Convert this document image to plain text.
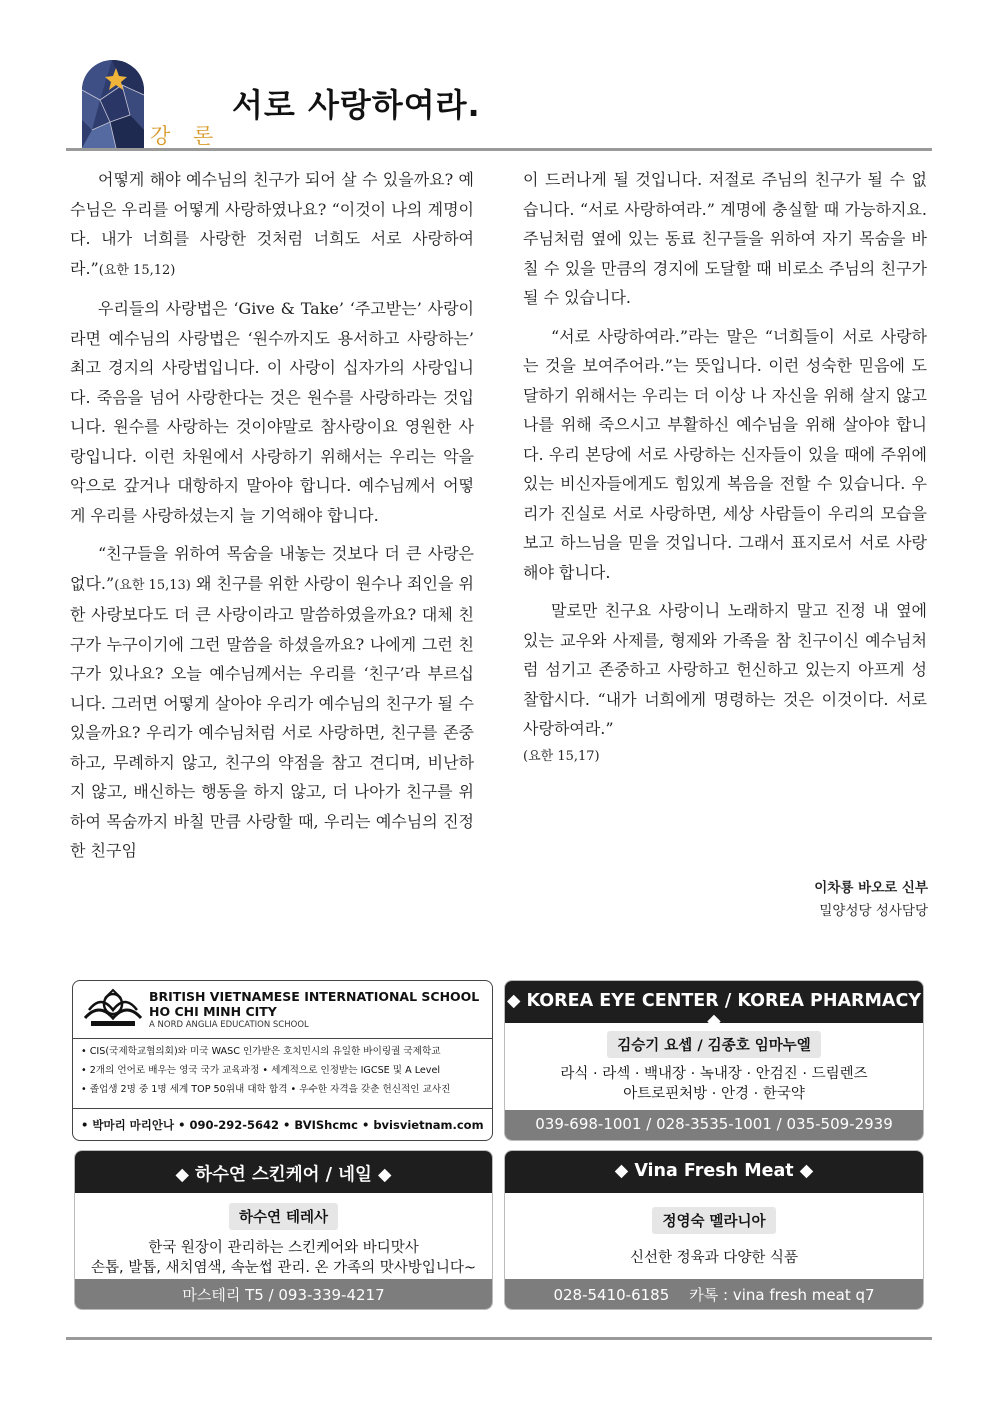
강 론
서로 사랑하여라.

어떻게 해야 예수님의 친구가 되어 살 수 있을까요? 예수님은 우리를 어떻게 사랑하였나요? “이것이 나의 계명이다. 내가 너희를 사랑한 것처럼 너희도 서로 사랑하여라.”(요한 15,12)

우리들의 사랑법은 ‘Give & Take’ ‘주고받는’ 사랑이라면 예수님의 사랑법은 ‘원수까지도 용서하고 사랑하는’ 최고 경지의 사랑법입니다. 이 사랑이 십자가의 사랑입니다. 죽음을 넘어 사랑한다는 것은 원수를 사랑하라는 것입니다. 원수를 사랑하는 것이야말로 참사랑이요 영원한 사랑입니다. 이런 차원에서 사랑하기 위해서는 우리는 악을 악으로 갚거나 대항하지 말아야 합니다. 예수님께서 어떻게 우리를 사랑하셨는지 늘 기억해야 합니다.

“친구들을 위하여 목숨을 내놓는 것보다 더 큰 사랑은 없다.”(요한 15,13) 왜 친구를 위한 사랑이 원수나 죄인을 위한 사랑보다도 더 큰 사랑이라고 말씀하였을까요? 대체 친구가 누구이기에 그런 말씀을 하셨을까요? 나에게 그런 친구가 있나요? 오늘 예수님께서는 우리를 ‘친구’라 부르십니다. 그러면 어떻게 살아야 우리가 예수님의 친구가 될 수 있을까요? 우리가 예수님처럼 서로 사랑하면, 친구를 존중하고, 무례하지 않고, 친구의 약점을 참고 견디며, 비난하지 않고, 배신하는 행동을 하지 않고, 더 나아가 친구를 위하여 목숨까지 바칠 만큼 사랑할 때, 우리는 예수님의 진정한 친구임

이 드러나게 될 것입니다. 저절로 주님의 친구가 될 수 없습니다. “서로 사랑하여라.” 계명에 충실할 때 가능하지요. 주님처럼 옆에 있는 동료 친구들을 위하여 자기 목숨을 바칠 수 있을 만큼의 경지에 도달할 때 비로소 주님의 친구가 될 수 있습니다.

“서로 사랑하여라.”라는 말은 “너희들이 서로 사랑하는 것을 보여주어라.”는 뜻입니다. 이런 성숙한 믿음에 도달하기 위해서는 우리는 더 이상 나 자신을 위해 살지 않고 나를 위해 죽으시고 부활하신 예수님을 위해 살아야 합니다. 우리 본당에 서로 사랑하는 신자들이 있을 때에 주위에 있는 비신자들에게도 힘있게 복음을 전할 수 있습니다. 우리가 진실로 서로 사랑하면, 세상 사람들이 우리의 모습을 보고 하느님을 믿을 것입니다. 그래서 표지로서 서로 사랑해야 합니다.

말로만 친구요 사랑이니 노래하지 말고 진정 내 옆에 있는 교우와 사제를, 형제와 가족을 참 친구이신 예수님처럼 섬기고 존중하고 사랑하고 헌신하고 있는지 아프게 성찰합시다. “내가 너희에게 명령하는 것은 이것이다. 서로 사랑하여라.”

(요한 15,17)
이차룡 바오로 신부
밀양성당 성사담당
BRITISH VIETNAMESE INTERNATIONAL SCHOOL
HO CHI MINH CITY
A NORD ANGLIA EDUCATION SCHOOL
• CIS(국제학교협의회)와 미국 WASC 인가받은 호치민시의 유일한 바이링궐 국제학교
• 2개의 언어로 배우는 영국 국가 교육과정 • 세계적으로 인정받는 IGCSE 및 A Level
• 졸업생 2명 중 1명 세계 TOP 50위내 대학 합격 • 우수한 자격을 갖춘 헌신적인 교사진
• 박마리 마리안나 • 090-292-5642 • BVIShcmc • bvisvietnam.com
◆ KOREA EYE CENTER / KOREA PHARMACY ◆
김승기 요셉 / 김종호 임마누엘
라식 · 라섹 · 백내장 · 녹내장 · 안검진 · 드림렌즈
아트로핀처방 · 안경 · 한국약
039-698-1001 / 028-3535-1001 / 035-509-2939
◆ 하수연 스킨케어 / 네일 ◆
하수연 테레사
한국 원장이 관리하는 스킨케어와 바디맛사
손톱, 발톱, 새치염색, 속눈썹 관리. 온 가족의 맛사방입니다~
마스테리 T5 / 093-339-4217
◆ Vina Fresh Meat ◆
정영숙 멜라니아
신선한 정육과 다양한 식품
028-5410-6185 카톡 : vina fresh meat q7
